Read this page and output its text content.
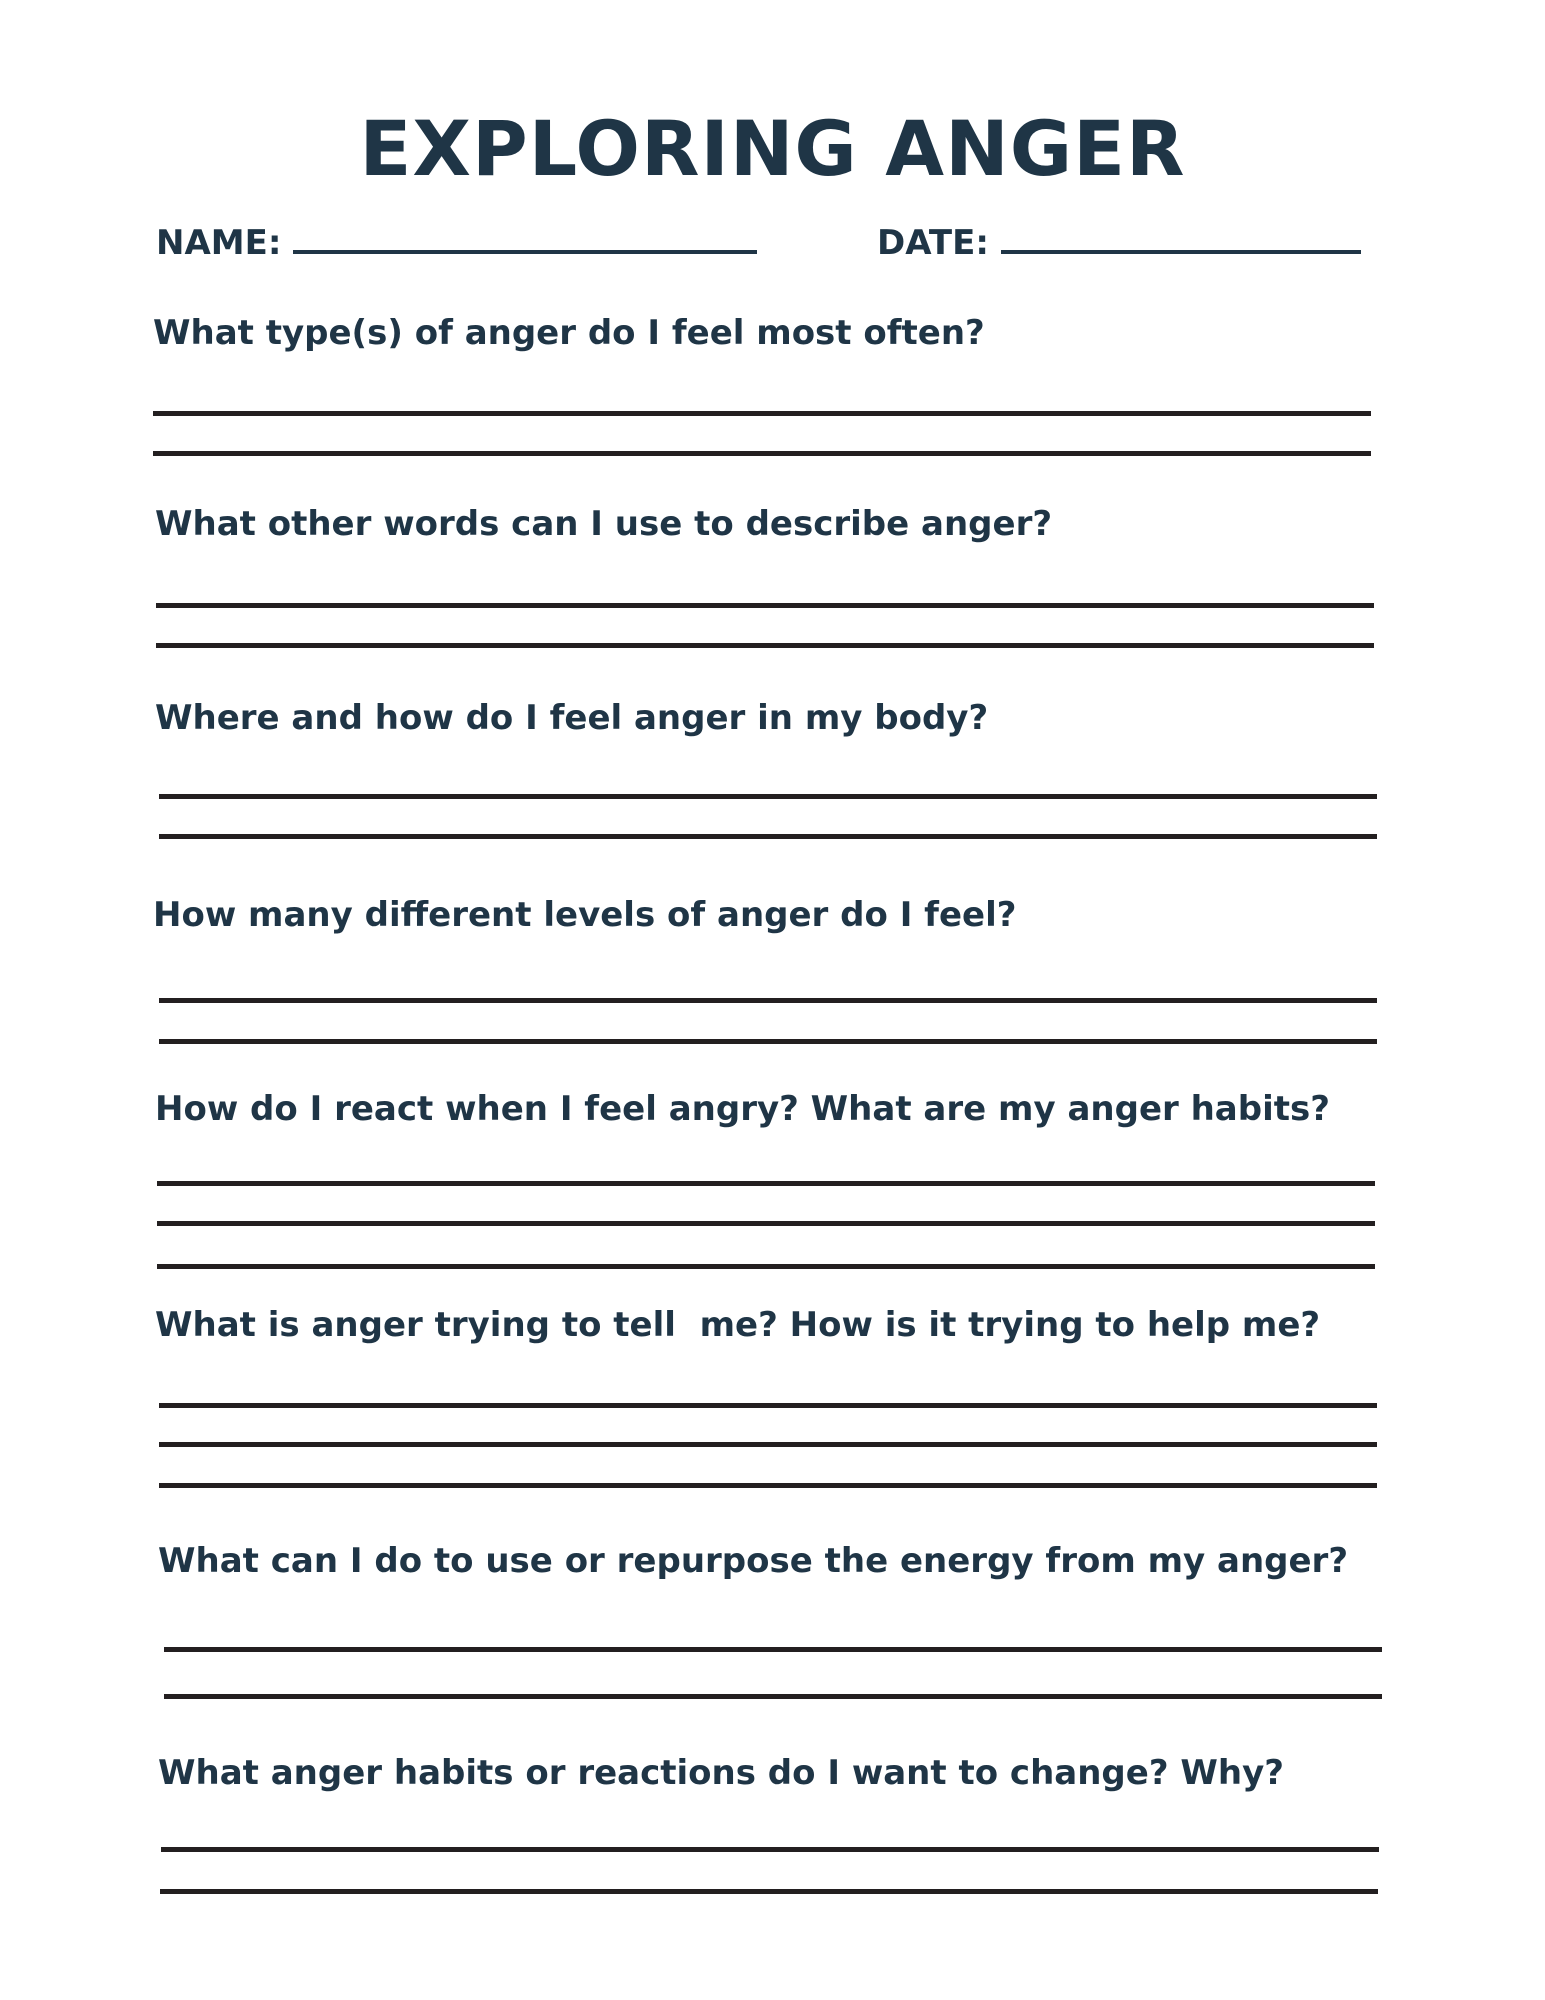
EXPLORING ANGER
NAME:	DATE:

What type(s) of anger do I feel most often?

What other words can I use to describe anger?

Where and how do I feel anger in my body?

How many different levels of anger do I feel?

How do I react when I feel angry? What are my anger habits?

What is anger trying to tell  me? How is it trying to help me?

What can I do to use or repurpose the energy from my anger?

What anger habits or reactions do I want to change? Why?
